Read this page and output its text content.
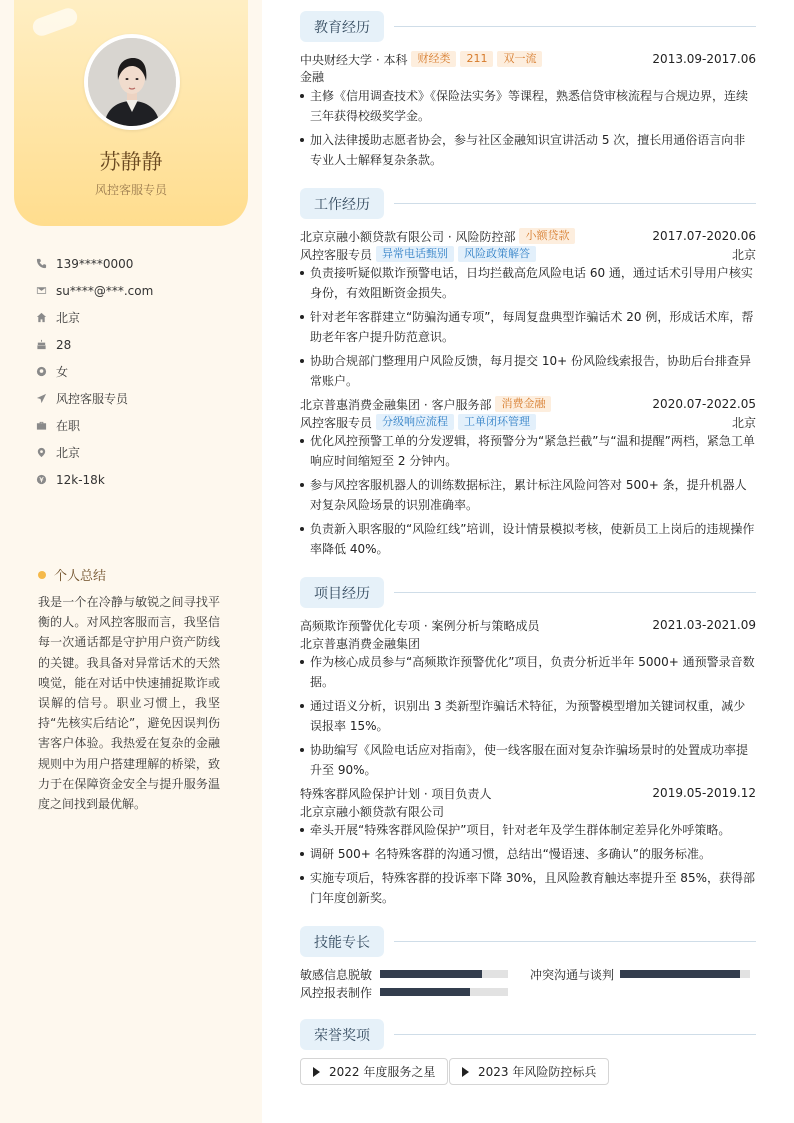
苏静静
风控客服专员
139****0000
su****@***.com
北京
28
女
风控客服专员
在职
北京
12k-18k
个人总结

我是一个在冷静与敏锐之间寻找平衡的人。对风控客服而言，我坚信每一次通话都是守护用户资产防线的关键。我具备对异常话术的天然嗅觉，能在对话中快速捕捉欺诈或误解的信号。职业习惯上，我坚持“先核实后结论”，避免因误判伤害客户体验。我热爱在复杂的金融规则中为用户搭建理解的桥梁，致力于在保障资金安全与提升服务温度之间找到最优解。

教育经历
中央财经大学 · 本科 财经类	211	双一流	2013.09-2017.06
金融
主修《信用调查技术》《保险法实务》等课程，熟悉信贷审核流程与合规边界，连续三年获得校级奖学金。
加入法律援助志愿者协会，参与社区金融知识宣讲活动 5 次，擅长用通俗语言向非专业人士解释复杂条款。
工作经历
北京京融小额贷款有限公司 · 风险防控部 小额贷款	2017.07-2020.06
风控客服专员 异常电话甄别	风险政策解答	北京
负责接听疑似欺诈预警电话，日均拦截高危风险电话 60 通，通过话术引导用户核实身份，有效阻断资金损失。
针对老年客群建立“防骗沟通专项”，每周复盘典型诈骗话术 20 例，形成话术库，帮助老年客户提升防范意识。
协助合规部门整理用户风险反馈，每月提交 10+ 份风险线索报告，协助后台排查异常账户。
北京普惠消费金融集团 · 客户服务部 消费金融	2020.07-2022.05
风控客服专员 分级响应流程	工单闭环管理	北京
优化风控预警工单的分发逻辑，将预警分为“紧急拦截”与“温和提醒”两档，紧急工单响应时间缩短至 2 分钟内。
参与风控客服机器人的训练数据标注，累计标注风险问答对 500+ 条，提升机器人对复杂风险场景的识别准确率。
负责新入职客服的“风险红线”培训，设计情景模拟考核，使新员工上岗后的违规操作率降低 40%。
项目经历
高频欺诈预警优化专项 · 案例分析与策略成员	2021.03-2021.09
北京普惠消费金融集团
作为核心成员参与“高频欺诈预警优化”项目，负责分析近半年 5000+ 通预警录音数据。
通过语义分析，识别出 3 类新型诈骗话术特征，为预警模型增加关键词权重，减少误报率 15%。
协助编写《风险电话应对指南》，使一线客服在面对复杂诈骗场景时的处置成功率提升至 90%。
特殊客群风险保护计划 · 项目负责人	2019.05-2019.12
北京京融小额贷款有限公司
牵头开展“特殊客群风险保护”项目，针对老年及学生群体制定差异化外呼策略。
调研 500+ 名特殊客群的沟通习惯，总结出“慢语速、多确认”的服务标准。
实施专项后，特殊客群的投诉率下降 30%，且风险教育触达率提升至 85%，获得部门年度创新奖。
技能专长
敏感信息脱敏	冲突沟通与谈判
风控报表制作
荣誉奖项
2022 年度服务之星	2023 年风险防控标兵
